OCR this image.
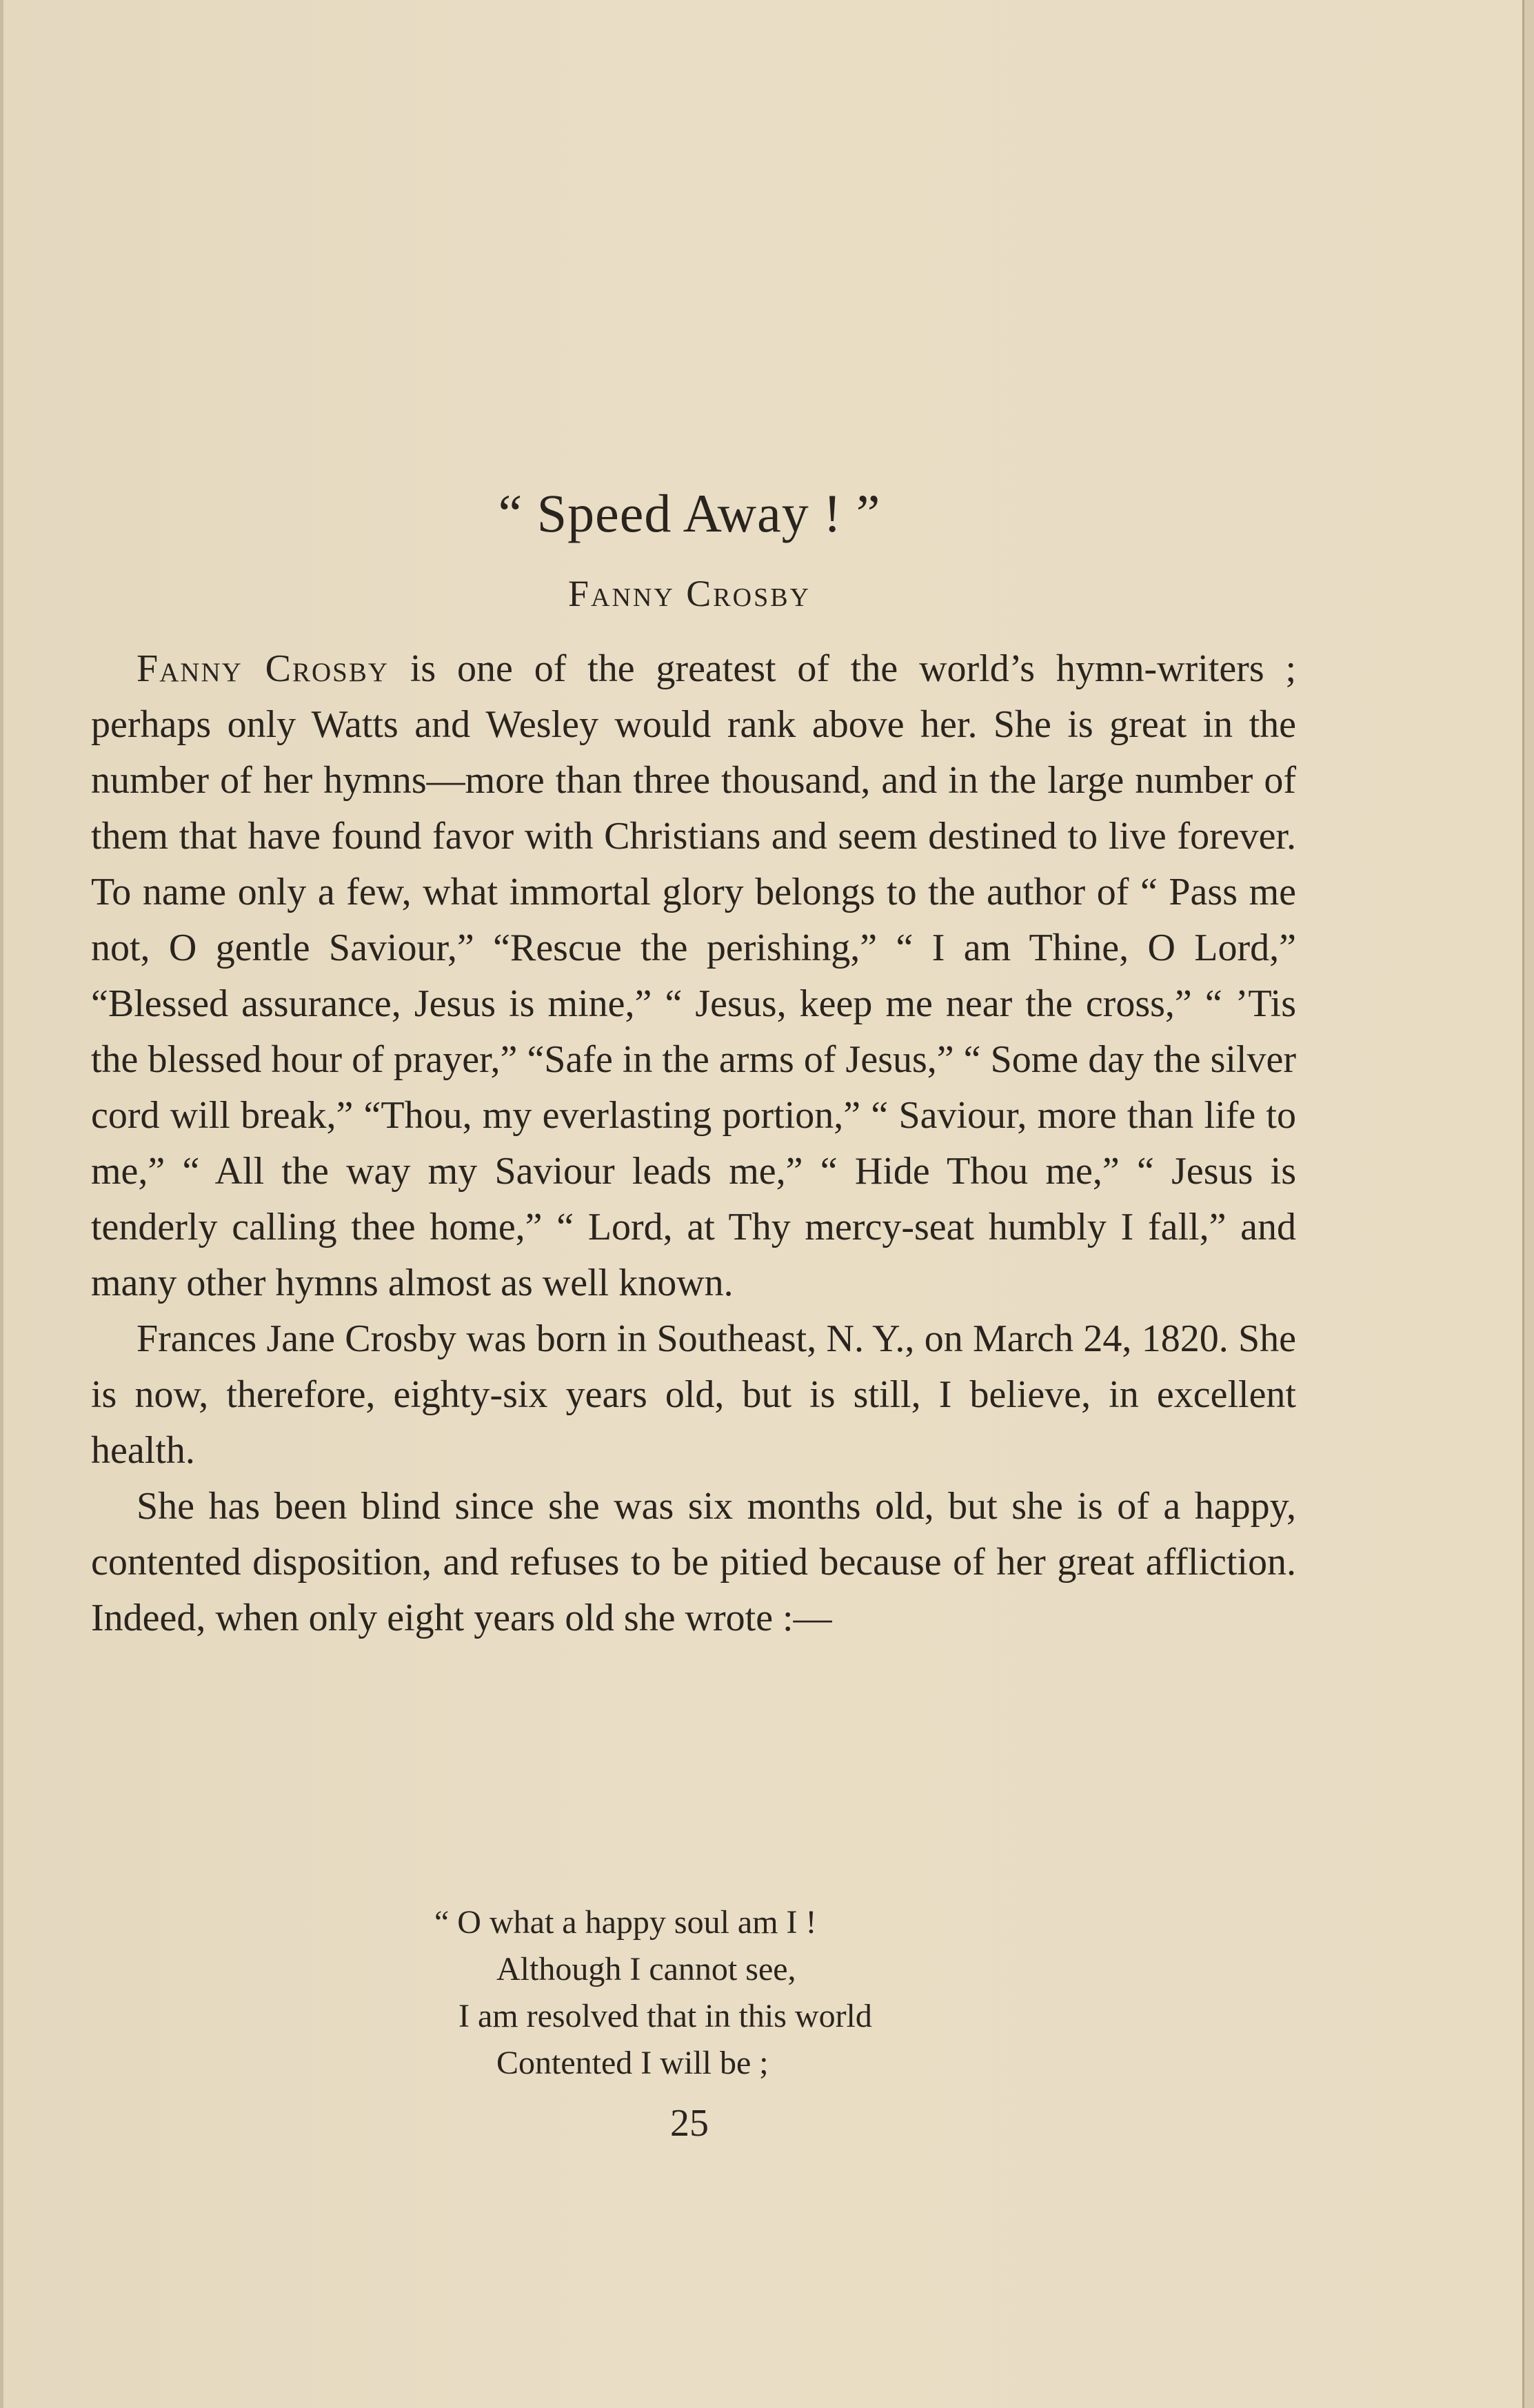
“ Speed Away ! ”
Fanny Crosby

Fanny Crosby is one of the greatest of the world’s hymn-writers ; perhaps only Watts and Wesley would rank above her. She is great in the number of her hymns—more than three thousand, and in the large number of them that have found favor with Christians and seem destined to live forever. To name only a few, what immortal glory belongs to the author of “ Pass me not, O gentle Saviour,” “Rescue the perishing,” “ I am Thine, O Lord,” “Blessed assurance, Jesus is mine,” “ Jesus, keep me near the cross,” “ ’Tis the blessed hour of prayer,” “Safe in the arms of Jesus,” “ Some day the silver cord will break,” “Thou, my everlasting portion,” “ Saviour, more than life to me,” “ All the way my Saviour leads me,” “ Hide Thou me,” “ Jesus is tenderly calling thee home,” “ Lord, at Thy mercy-seat humbly I fall,” and many other hymns almost as well known.

Frances Jane Crosby was born in Southeast, N. Y., on March 24, 1820. She is now, therefore, eighty-six years old, but is still, I believe, in excellent health.

She has been blind since she was six months old, but she is of a happy, contented disposition, and refuses to be pitied because of her great affliction. Indeed, when only eight years old she wrote :—

“ O what a happy soul am I !
Although I cannot see,
I am resolved that in this world
Contented I will be ;
25
